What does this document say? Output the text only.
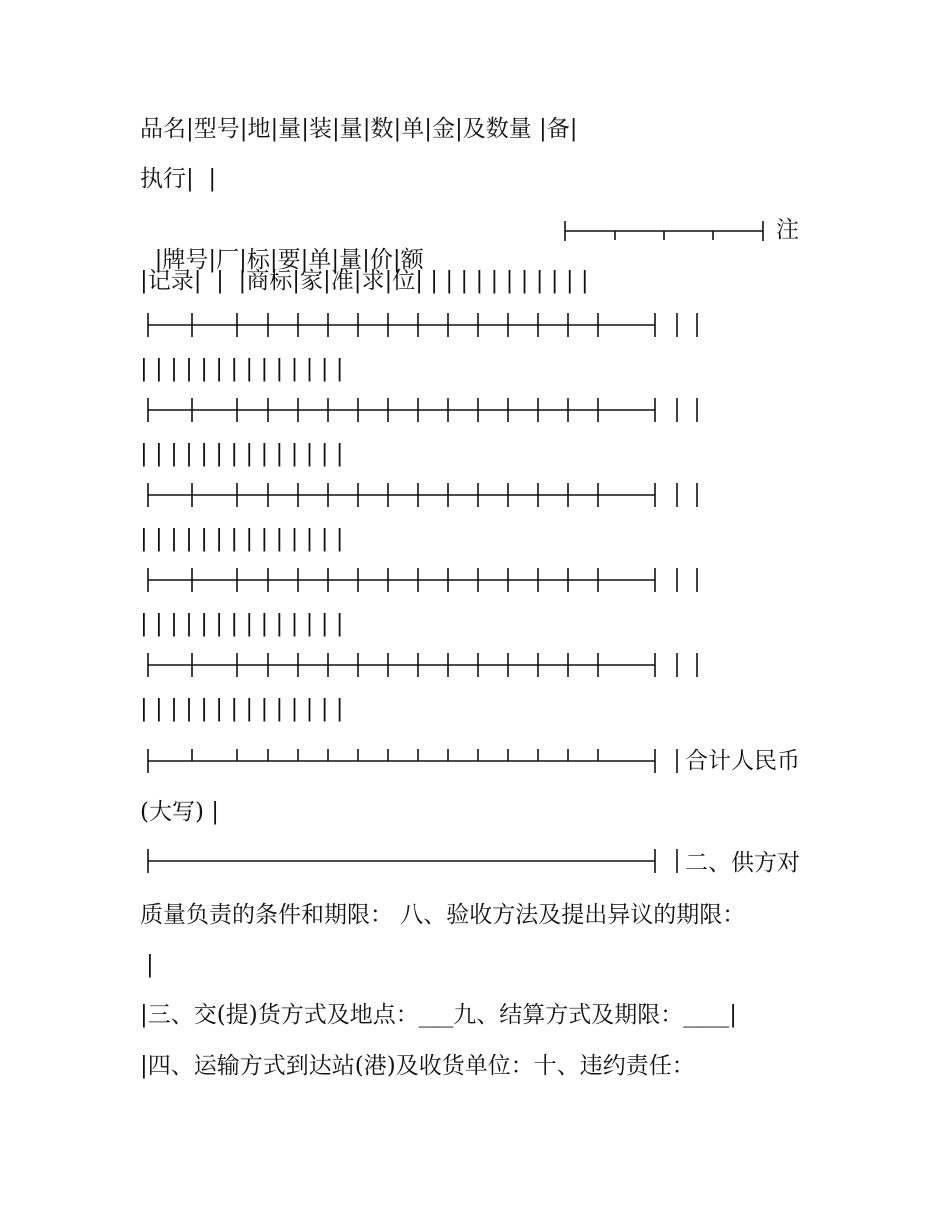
品名|型号|地|量|装|量|数|单|金|及数量 |备|
执行|  |

|牌号|厂|标|要|单|量|价|额

注

|记录|  |  |商标|家|准|求|位| | | | | | | | | | | |
| | | | | | | | | | | | | |
| | | | | | | | | | | | | |
| | | | | | | | | | | | | |
| | | | | | | | | | | | | |
| | | | | | | | | | | | | |
合计人民币
(大写) |
二、供方对
质量负责的条件和期限： 八、验收方法及提出异议的期限：
|
|三、交(提)货方式及地点：___九、结算方式及期限：____|
|四、运输方式到达站(港)及收货单位：十、违约责任：
